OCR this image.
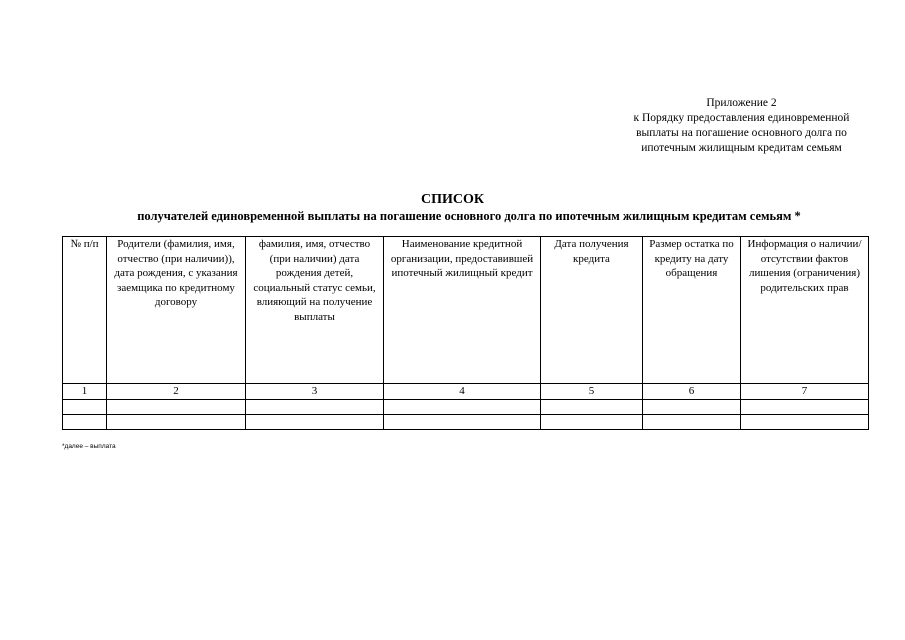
Приложение 2
к Порядку предоставления единовременной
выплаты на погашение основного долга по
ипотечным жилищным кредитам семьям
СПИСОК
получателей единовременной выплаты на погашение основного долга по ипотечным жилищным кредитам семьям *
№ п/п	Родители (фамилия, имя, отчество (при наличии)), дата рождения, с указания заемщика по кредитному договору	фамилия, имя, отчество (при наличии) дата рождения детей, социальный статус семьи, влияющий на получение выплаты	Наименование кредитной организации, предоставившей ипотечный жилищный кредит	Дата получения кредита	Размер остатка по кредиту на дату обращения	Информация о наличии/отсутствии фактов лишения (ограничения) родительских прав
1	2	3	4	5	6	7

*далее – выплата
